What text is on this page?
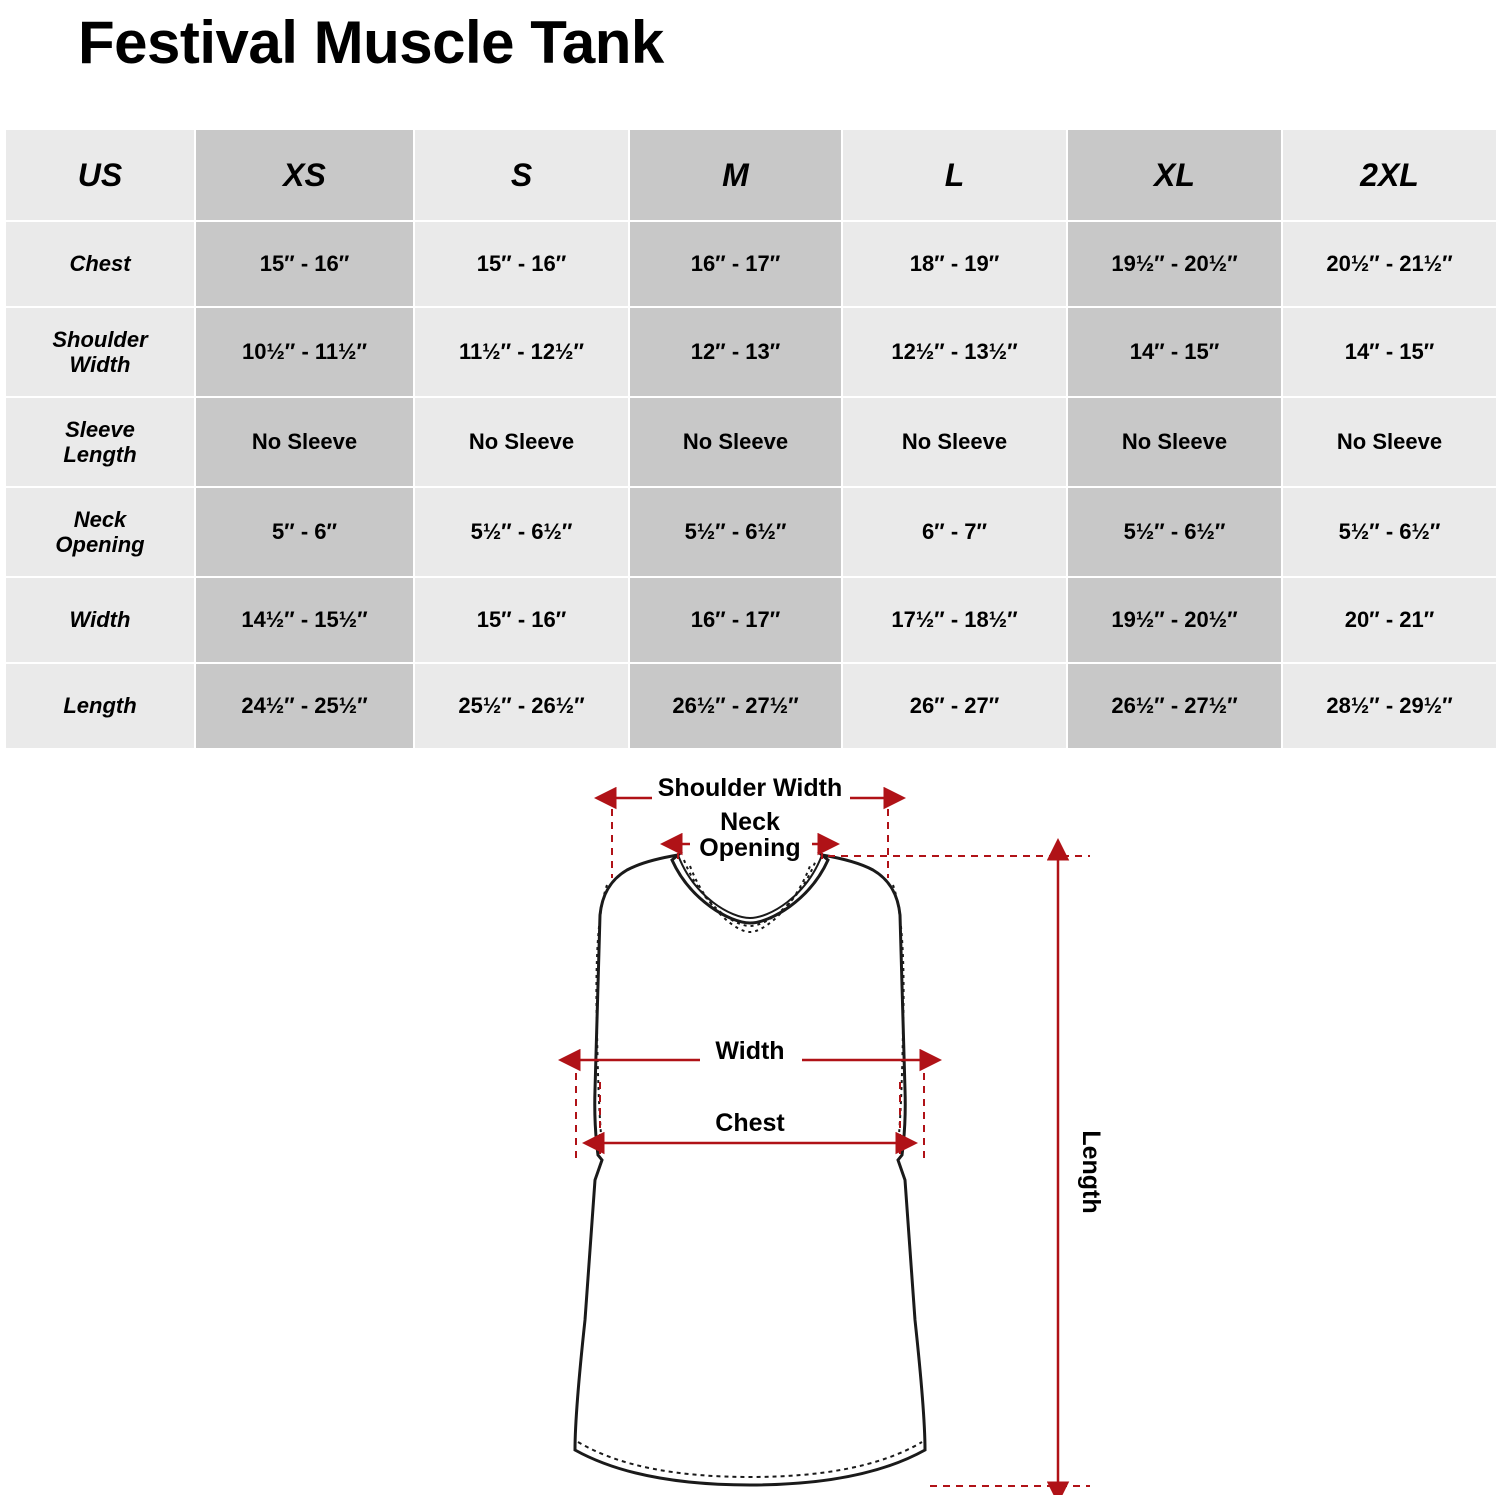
Festival Muscle Tank
US	XS	S	M	L	XL	2XL
Chest	15″ - 16″	15″ - 16″	16″ - 17″	18″ - 19″	19½″ - 20½″	20½″ - 21½″

Shoulder
Width	10½″ - 11½″	11½″ - 12½″	12″ - 13″	12½″ - 13½″	14″ - 15″	14″ - 15″

Sleeve
Length	No Sleeve	No Sleeve	No Sleeve	No Sleeve	No Sleeve	No Sleeve

Neck
Opening	5″ - 6″	5½″ - 6½″	5½″ - 6½″	6″ - 7″	5½″ - 6½″	5½″ - 6½″
Width	14½″ - 15½″	15″ - 16″	16″ - 17″	17½″ - 18½″	19½″ - 20½″	20″ - 21″
Length	24½″ - 25½″	25½″ - 26½″	26½″ - 27½″	26″ - 27″	26½″ - 27½″	28½″ - 29½″
Shoulder Width
Neck
Opening
Width
Chest
Length
